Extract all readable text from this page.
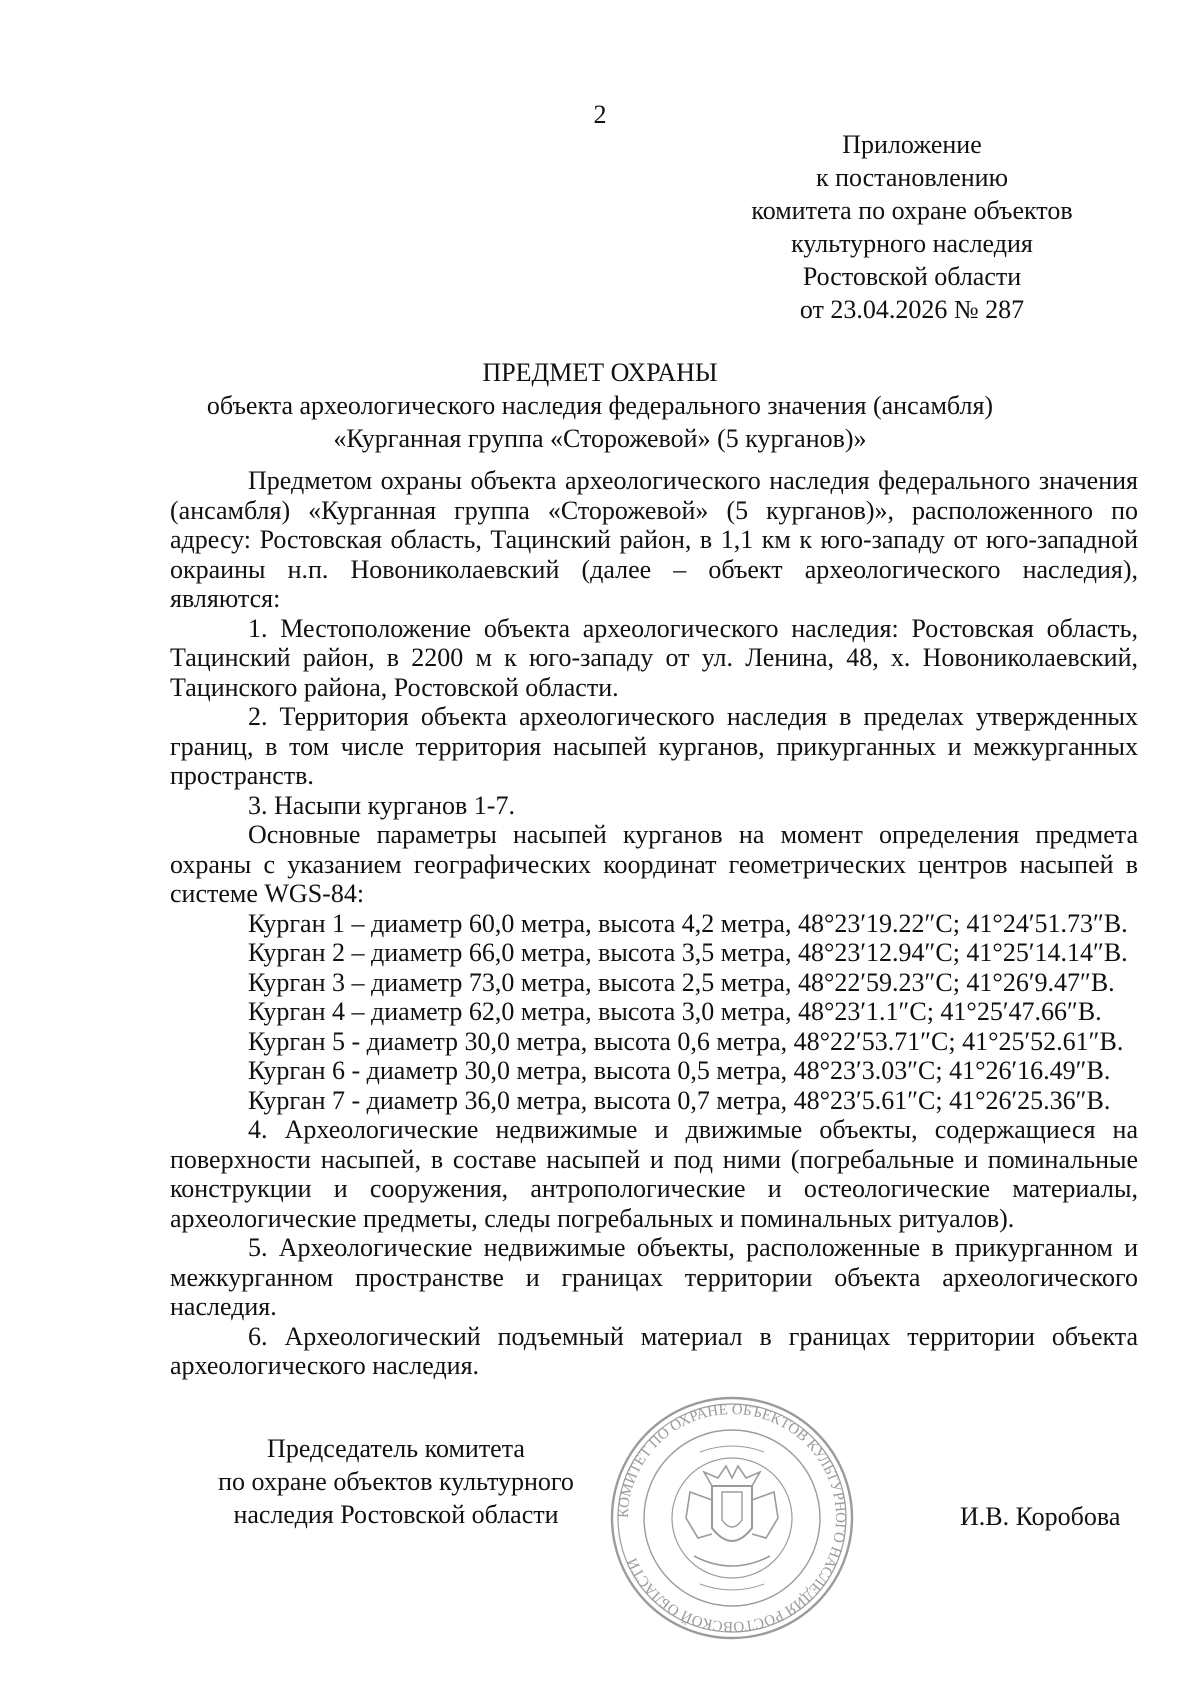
2
Приложение
к постановлению
комитета по охране объектов
культурного наследия
Ростовской области
от 23.04.2026 № 287
ПРЕДМЕТ ОХРАНЫ
объекта археологического наследия федерального значения (ансамбля)
«Курганная группа «Сторожевой» (5 курганов)»

Предметом охраны объекта археологического наследия федерального значения (ансамбля) «Курганная группа «Сторожевой» (5 курганов)», расположенного по адресу: Ростовская область, Тацинский район, в 1,1 км к юго-западу от юго-западной окраины н.п. Новониколаевский (далее – объект археологического наследия), являются:

1. Местоположение объекта археологического наследия: Ростовская область, Тацинский район, в 2200 м к юго-западу от ул. Ленина, 48, х. Новониколаевский, Тацинского района, Ростовской области.

2. Территория объекта археологического наследия в пределах утвержденных границ, в том числе территория насыпей курганов, прикурганных и межкурганных пространств.

3. Насыпи курганов 1-7.

Основные параметры насыпей курганов на момент определения предмета охраны с указанием географических координат геометрических центров насыпей в системе WGS-84:

Курган 1 – диаметр 60,0 метра, высота 4,2 метра, 48°23′19.22″С; 41°24′51.73″В.

Курган 2 – диаметр 66,0 метра, высота 3,5 метра, 48°23′12.94″С; 41°25′14.14″В.

Курган 3 – диаметр 73,0 метра, высота 2,5 метра, 48°22′59.23″С; 41°26′9.47″В.

Курган 4 – диаметр 62,0 метра, высота 3,0 метра, 48°23′1.1″С; 41°25′47.66″В.

Курган 5 - диаметр 30,0 метра, высота 0,6 метра, 48°22′53.71″С; 41°25′52.61″В.

Курган 6 - диаметр 30,0 метра, высота 0,5 метра, 48°23′3.03″С; 41°26′16.49″В.

Курган 7 - диаметр 36,0 метра, высота 0,7 метра, 48°23′5.61″С; 41°26′25.36″В.

4. Археологические недвижимые и движимые объекты, содержащиеся на поверхности насыпей, в составе насыпей и под ними (погребальные и поминальные конструкции и сооружения, антропологические и остеологические материалы, археологические предметы, следы погребальных и поминальных ритуалов).

5. Археологические недвижимые объекты, расположенные в прикурганном и межкурганном пространстве и границах территории объекта археологического наследия.

6. Археологический подъемный материал в границах территории объекта археологического наследия.

Председатель комитета
по охране объектов культурного
наследия Ростовской области	КОМИТЕТ ПО ОХРАНЕ ОБЪЕКТОВ КУЛЬТУРНОГО НАСЛЕДИЯ РОСТОВСКОЙ ОБЛАСТИ
И.В. Коробова
